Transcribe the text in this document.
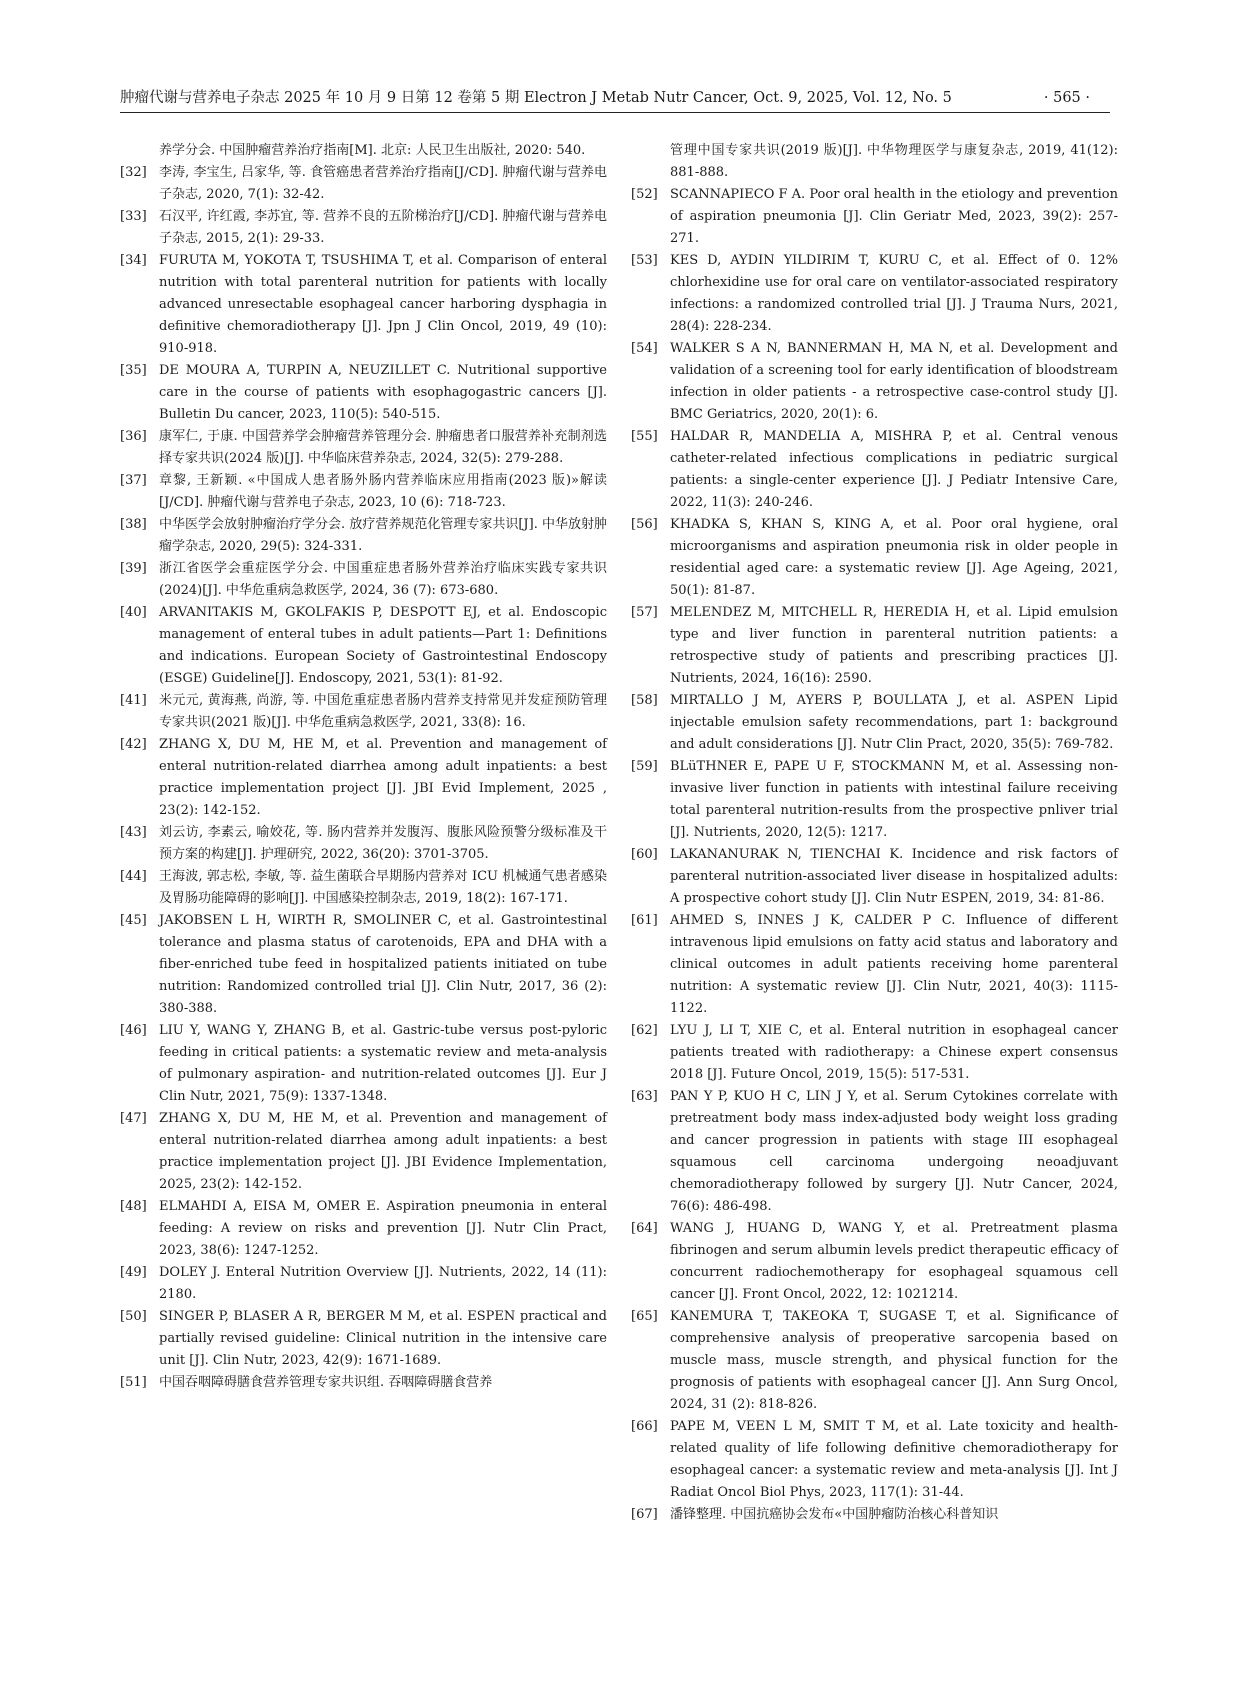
肿瘤代谢与营养电子杂志 2025 年 10 月 9 日第 12 卷第 5 期 Electron J Metab Nutr Cancer, Oct. 9, 2025, Vol. 12, No. 5	· 565 ·
养学分会. 中国肿瘤营养治疗指南[M]. 北京: 人民卫生出版社, 2020: 540.
[32] 李涛, 李宝生, 吕家华, 等. 食管癌患者营养治疗指南[J/CD]. 肿瘤代谢与营养电子杂志, 2020, 7(1): 32-42.
[33] 石汉平, 许红霞, 李苏宜, 等. 营养不良的五阶梯治疗[J/CD]. 肿瘤代谢与营养电子杂志, 2015, 2(1): 29-33.
[34] FURUTA M, YOKOTA T, TSUSHIMA T, et al. Comparison of enteral nutrition with total parenteral nutrition for patients with locally advanced unresectable esophageal cancer harboring dysphagia in definitive chemoradiotherapy [J]. Jpn J Clin Oncol, 2019, 49 (10): 910-918.
[35] DE MOURA A, TURPIN A, NEUZILLET C. Nutritional supportive care in the course of patients with esophagogastric cancers [J]. Bulletin Du cancer, 2023, 110(5): 540-515.
[36] 康军仁, 于康. 中国营养学会肿瘤营养管理分会. 肿瘤患者口服营养补充制剂选择专家共识(2024 版)[J]. 中华临床营养杂志, 2024, 32(5): 279-288.
[37] 章黎, 王新颖. «中国成人患者肠外肠内营养临床应用指南(2023 版)»解读[J/CD]. 肿瘤代谢与营养电子杂志, 2023, 10 (6): 718-723.
[38] 中华医学会放射肿瘤治疗学分会. 放疗营养规范化管理专家共识[J]. 中华放射肿瘤学杂志, 2020, 29(5): 324-331.
[39] 浙江省医学会重症医学分会. 中国重症患者肠外营养治疗临床实践专家共识(2024)[J]. 中华危重病急救医学, 2024, 36 (7): 673-680.
[40] ARVANITAKIS M, GKOLFAKIS P, DESPOTT EJ, et al. Endoscopic management of enteral tubes in adult patients—Part 1: Definitions and indications. European Society of Gastrointestinal Endoscopy (ESGE) Guideline[J]. Endoscopy, 2021, 53(1): 81-92.
[41] 米元元, 黄海燕, 尚游, 等. 中国危重症患者肠内营养支持常见并发症预防管理专家共识(2021 版)[J]. 中华危重病急救医学, 2021, 33(8): 16.
[42] ZHANG X, DU M, HE M, et al. Prevention and management of enteral nutrition-related diarrhea among adult inpatients: a best practice implementation project [J]. JBI Evid Implement, 2025 , 23(2): 142-152.
[43] 刘云访, 李素云, 喻姣花, 等. 肠内营养并发腹泻、腹胀风险预警分级标准及干预方案的构建[J]. 护理研究, 2022, 36(20): 3701-3705.
[44] 王海波, 郭志松, 李敏, 等. 益生菌联合早期肠内营养对 ICU 机械通气患者感染及胃肠功能障碍的影响[J]. 中国感染控制杂志, 2019, 18(2): 167-171.
[45] JAKOBSEN L H, WIRTH R, SMOLINER C, et al. Gastrointestinal tolerance and plasma status of carotenoids, EPA and DHA with a fiber-enriched tube feed in hospitalized patients initiated on tube nutrition: Randomized controlled trial [J]. Clin Nutr, 2017, 36 (2): 380-388.
[46] LIU Y, WANG Y, ZHANG B, et al. Gastric-tube versus post-pyloric feeding in critical patients: a systematic review and meta-analysis of pulmonary aspiration- and nutrition-related outcomes [J]. Eur J Clin Nutr, 2021, 75(9): 1337-1348.
[47] ZHANG X, DU M, HE M, et al. Prevention and management of enteral nutrition-related diarrhea among adult inpatients: a best practice implementation project [J]. JBI Evidence Implementation, 2025, 23(2): 142-152.
[48] ELMAHDI A, EISA M, OMER E. Aspiration pneumonia in enteral feeding: A review on risks and prevention [J]. Nutr Clin Pract, 2023, 38(6): 1247-1252.
[49] DOLEY J. Enteral Nutrition Overview [J]. Nutrients, 2022, 14 (11): 2180.
[50] SINGER P, BLASER A R, BERGER M M, et al. ESPEN practical and partially revised guideline: Clinical nutrition in the intensive care unit [J]. Clin Nutr, 2023, 42(9): 1671-1689.
[51] 中国吞咽障碍膳食营养管理专家共识组. 吞咽障碍膳食营养
管理中国专家共识(2019 版)[J]. 中华物理医学与康复杂志, 2019, 41(12): 881-888.
[52] SCANNAPIECO F A. Poor oral health in the etiology and prevention of aspiration pneumonia [J]. Clin Geriatr Med, 2023, 39(2): 257-271.
[53] KES D, AYDIN YILDIRIM T, KURU C, et al. Effect of 0. 12% chlorhexidine use for oral care on ventilator-associated respiratory infections: a randomized controlled trial [J]. J Trauma Nurs, 2021, 28(4): 228-234.
[54] WALKER S A N, BANNERMAN H, MA N, et al. Development and validation of a screening tool for early identification of bloodstream infection in older patients - a retrospective case-control study [J]. BMC Geriatrics, 2020, 20(1): 6.
[55] HALDAR R, MANDELIA A, MISHRA P, et al. Central venous catheter-related infectious complications in pediatric surgical patients: a single-center experience [J]. J Pediatr Intensive Care, 2022, 11(3): 240-246.
[56] KHADKA S, KHAN S, KING A, et al. Poor oral hygiene, oral microorganisms and aspiration pneumonia risk in older people in residential aged care: a systematic review [J]. Age Ageing, 2021, 50(1): 81-87.
[57] MELENDEZ M, MITCHELL R, HEREDIA H, et al. Lipid emulsion type and liver function in parenteral nutrition patients: a retrospective study of patients and prescribing practices [J]. Nutrients, 2024, 16(16): 2590.
[58] MIRTALLO J M, AYERS P, BOULLATA J, et al. ASPEN Lipid injectable emulsion safety recommendations, part 1: background and adult considerations [J]. Nutr Clin Pract, 2020, 35(5): 769-782.
[59] BLüTHNER E, PAPE U F, STOCKMANN M, et al. Assessing non-invasive liver function in patients with intestinal failure receiving total parenteral nutrition-results from the prospective pnliver trial [J]. Nutrients, 2020, 12(5): 1217.
[60] LAKANANURAK N, TIENCHAI K. Incidence and risk factors of parenteral nutrition-associated liver disease in hospitalized adults: A prospective cohort study [J]. Clin Nutr ESPEN, 2019, 34: 81-86.
[61] AHMED S, INNES J K, CALDER P C. Influence of different intravenous lipid emulsions on fatty acid status and laboratory and clinical outcomes in adult patients receiving home parenteral nutrition: A systematic review [J]. Clin Nutr, 2021, 40(3): 1115-1122.
[62] LYU J, LI T, XIE C, et al. Enteral nutrition in esophageal cancer patients treated with radiotherapy: a Chinese expert consensus 2018 [J]. Future Oncol, 2019, 15(5): 517-531.
[63] PAN Y P, KUO H C, LIN J Y, et al. Serum Cytokines correlate with pretreatment body mass index-adjusted body weight loss grading and cancer progression in patients with stage III esophageal squamous cell carcinoma undergoing neoadjuvant chemoradiotherapy followed by surgery [J]. Nutr Cancer, 2024, 76(6): 486-498.
[64] WANG J, HUANG D, WANG Y, et al. Pretreatment plasma fibrinogen and serum albumin levels predict therapeutic efficacy of concurrent radiochemotherapy for esophageal squamous cell cancer [J]. Front Oncol, 2022, 12: 1021214.
[65] KANEMURA T, TAKEOKA T, SUGASE T, et al. Significance of comprehensive analysis of preoperative sarcopenia based on muscle mass, muscle strength, and physical function for the prognosis of patients with esophageal cancer [J]. Ann Surg Oncol, 2024, 31 (2): 818-826.
[66] PAPE M, VEEN L M, SMIT T M, et al. Late toxicity and health-related quality of life following definitive chemoradiotherapy for esophageal cancer: a systematic review and meta-analysis [J]. Int J Radiat Oncol Biol Phys, 2023, 117(1): 31-44.
[67] 潘锋整理. 中国抗癌协会发布«中国肿瘤防治核心科普知识
